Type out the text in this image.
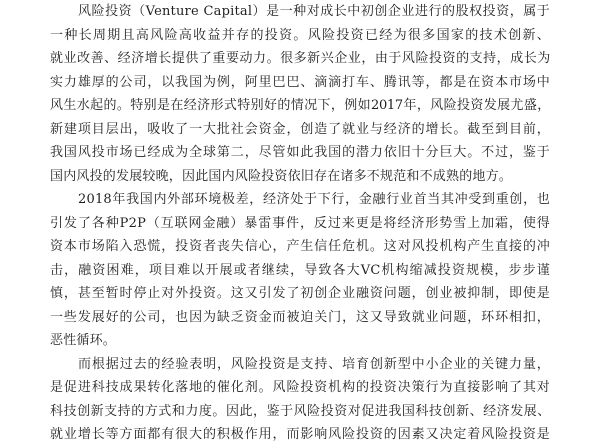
风险投资（Venture Capital）是一种对成长中初创企业进行的股权投资，属于
一种长周期且高风险高收益并存的投资。风险投资已经为很多国家的技术创新、
就业改善、经济增长提供了重要动力。很多新兴企业，由于风险投资的支持，成长为
实力雄厚的公司，以我国为例，阿里巴巴、滴滴打车、腾讯等，都是在资本市场中
风生水起的。特别是在经济形式特别好的情况下，例如2017年，风险投资发展尤盛，
新建项目层出，吸收了一大批社会资金，创造了就业与经济的增长。截至到目前，
我国风投市场已经成为全球第二，尽管如此我国的潜力依旧十分巨大。不过，鉴于
国内风投的发展较晚，因此国内风险投资依旧存在诸多不规范和不成熟的地方。
2018年我国内外部环境极差，经济处于下行，金融行业首当其冲受到重创，也
引发了各种P2P（互联网金融）暴雷事件，反过来更是将经济形势雪上加霜，使得
资本市场陷入恐慌，投资者丧失信心，产生信任危机。这对风投机构产生直接的冲
击，融资困难，项目难以开展或者继续，导致各大VC机构缩减投资规模，步步谨
慎，甚至暂时停止对外投资。这又引发了初创企业融资问题，创业被抑制，即使是
一些发展好的公司，也因为缺乏资金而被迫关门，这又导致就业问题，环环相扣，
恶性循环。
而根据过去的经验表明，风险投资是支持、培育创新型中小企业的关键力量，
是促进科技成果转化落地的催化剂。风险投资机构的投资决策行为直接影响了其对
科技创新支持的方式和力度。因此，鉴于风险投资对促进我国科技创新、经济发展、
就业增长等方面都有很大的积极作用，而影响风险投资的因素又决定着风险投资是
